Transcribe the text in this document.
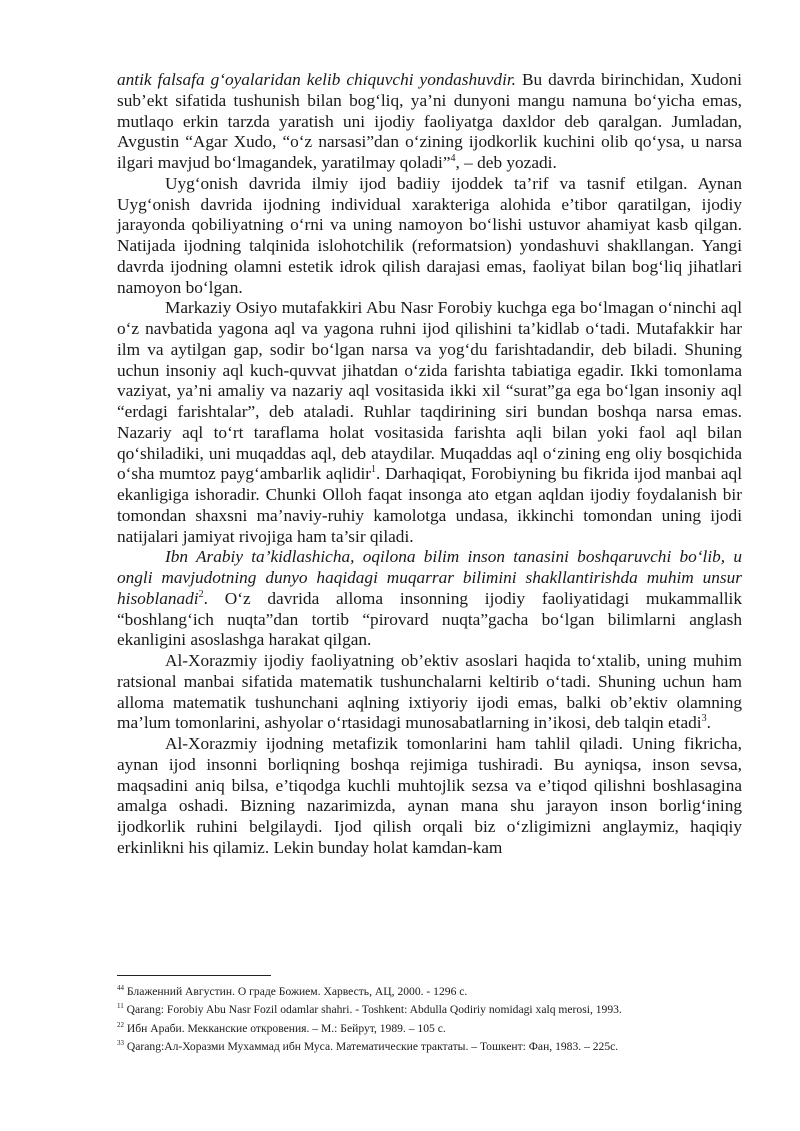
antik falsafa g‘oyalaridan kelib chiquvchi yondashuvdir. Bu davrda birinchidan, Xudoni sub’ekt sifatida tushunish bilan bog‘liq, ya’ni dunyoni mangu namuna bo‘yicha emas, mutlaqo erkin tarzda yaratish uni ijodiy faoliyatga daxldor deb qaralgan. Jumladan, Avgustin “Agar Xudo, “o‘z narsasi”dan o‘zining ijodkorlik kuchini olib qo‘ysa, u narsa ilgari mavjud bo‘lmagandek, yaratilmay qoladi”$^4$, – deb yozadi.

Uyg‘onish davrida ilmiy ijod badiiy ijoddek ta’rif va tasnif etilgan. Aynan Uyg‘onish davrida ijodning individual xarakteriga alohida e’tibor qaratilgan, ijodiy jarayonda qobiliyatning o‘rni va uning namoyon bo‘lishi ustuvor ahamiyat kasb qilgan. Natijada ijodning talqinida islohotchilik (reformatsion) yondashuvi shakllangan. Yangi davrda ijodning olamni estetik idrok qilish darajasi emas, faoliyat bilan bog‘liq jihatlari namoyon bo‘lgan.

Markaziy Osiyo mutafakkiri Abu Nasr Forobiy kuchga ega bo‘lmagan o‘ninchi aql o‘z navbatida yagona aql va yagona ruhni ijod qilishini ta’kidlab o‘tadi. Mutafakkir har ilm va aytilgan gap, sodir bo‘lgan narsa va yog‘du farishtadandir, deb biladi. Shuning uchun insoniy aql kuch-quvvat jihatdan o‘zida farishta tabiatiga egadir. Ikki tomonlama vaziyat, ya’ni amaliy va nazariy aql vositasida ikki xil “surat”ga ega bo‘lgan insoniy aql “erdagi farishtalar”, deb ataladi. Ruhlar taqdirining siri bundan boshqa narsa emas. Nazariy aql to‘rt taraflama holat vositasida farishta aqli bilan yoki faol aql bilan qo‘shiladiki, uni muqaddas aql, deb ataydilar. Muqaddas aql o‘zining eng oliy bosqichida o‘sha mumtoz payg‘ambarlik aqlidir$^1$. Darhaqiqat, Forobiyning bu fikrida ijod manbai aql ekanligiga ishoradir. Chunki Olloh faqat insonga ato etgan aqldan ijodiy foydalanish bir tomondan shaxsni ma’naviy-ruhiy kamolotga undasa, ikkinchi tomondan uning ijodi natijalari jamiyat rivojiga ham ta’sir qiladi.

Ibn Arabiy ta’kidlashicha, oqilona bilim inson tanasini boshqaruvchi bo‘lib, u ongli mavjudotning dunyo haqidagi muqarrar bilimini shakllantirishda muhim unsur hisoblanadi$^2$. O‘z davrida alloma insonning ijodiy faoliyatidagi mukammallik “boshlang‘ich nuqta”dan tortib “pirovard nuqta”gacha bo‘lgan bilimlarni anglash ekanligini asoslashga harakat qilgan.

Al-Xorazmiy ijodiy faoliyatning ob’ektiv asoslari haqida to‘xtalib, uning muhim ratsional manbai sifatida matematik tushunchalarni keltirib o‘tadi. Shuning uchun ham alloma matematik tushunchani aqlning ixtiyoriy ijodi emas, balki ob’ektiv olamning ma’lum tomonlarini, ashyolar o‘rtasidagi munosabatlarning in’ikosi, deb talqin etadi$^3$.

Al-Xorazmiy ijodning metafizik tomonlarini ham tahlil qiladi. Uning fikricha, aynan ijod insonni borliqning boshqa rejimiga tushiradi. Bu ayniqsa, inson sevsa, maqsadini aniq bilsa, e’tiqodga kuchli muhtojlik sezsa va e’tiqod qilishni boshlasagina amalga oshadi. Bizning nazarimizda, aynan mana shu jarayon inson borlig‘ining ijodkorlik ruhini belgilaydi. Ijod qilish orqali biz o‘zligimizni anglaymiz, haqiqiy erkinlikni his qilamiz. Lekin bunday holat kamdan-kam

$^{44}$ Блаженний Августин. О граде Божием. Харвесть, АЦ, 2000. - 1296 с.

$^{11}$ Qarang: Forobiy Abu Nasr Fozil odamlar shahri. - Toshkent: Abdulla Qodiriy nomidagi xalq merosi, 1993.

$^{22}$ Ибн Араби. Мекканские откровения. – М.: Бейрут, 1989. – 105 с.

$^{33}$ Qarang:Ал-Хоразми Мухаммад ибн Муса. Математические трактаты. – Тошкент: Фан, 1983. – 225с.
